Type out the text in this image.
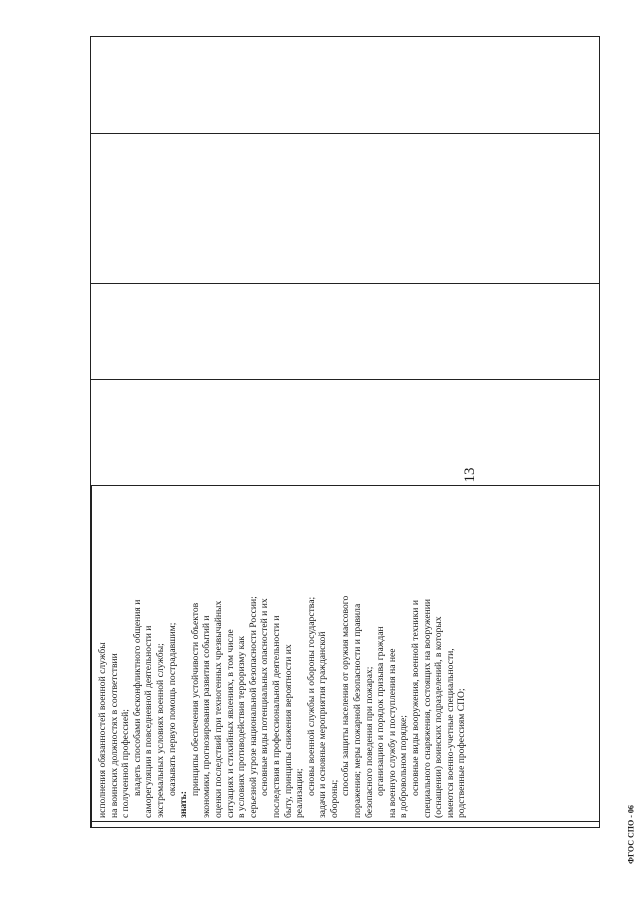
13

исполнения обязанностей военной службы на воинских должностях в соответствии с полученной профессией; владеть способами бесконфликтного общения и саморегуляции в повседневной деятельности и экстремальных условиях военной службы; оказывать первую помощь пострадавшим;

знать:

принципы обеспечения устойчивости объектов экономики, прогнозирования развития событий и оценки последствий при техногенных чрезвычайных ситуациях и стихийных явлениях, в том числе в условиях противодействия терроризму как серьезной угрозе национальной безопасности России; основные виды потенциальных опасностей и их последствия в профессиональной деятельности и быту, принципы снижения вероятности их реализации; основы военной службы и обороны государства; задачи и основные мероприятия гражданской обороны;

способы защиты населения от оружия массового поражения; меры пожарной безопасности и правила безопасного поведения при пожарах; организацию и порядок призыва граждан на военную службу и поступления на нее в добровольном порядке; основные виды вооружения, военной техники и специального снаряжения, состоящих на вооружении (оснащении) воинских подразделений, в которых имеются военно-учетные специальности, родственные профессиям СПО;

ФГОС СПО - 06
